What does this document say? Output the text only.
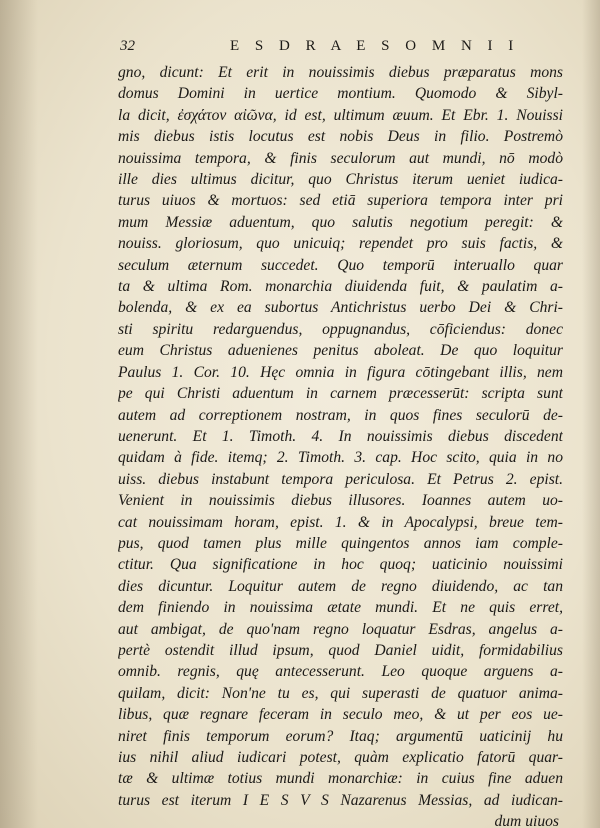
32	E S D R A E S O M N I I
gno, dicunt: Et erit in nouissimis diebus præparatus mons
domus Domini in uertice montium. Quomodo & Sibyl-
la dicit, ἐσχάτον αἰῶνα, id est, ultimum æuum. Et Ebr. 1. Nouissi
mis diebus istis locutus est nobis Deus in filio. Postremò
nouissima tempora, & finis seculorum aut mundi, nō modò
ille dies ultimus dicitur, quo Christus iterum ueniet iudica-
turus uiuos & mortuos: sed etiā superiora tempora inter pri
mum Messiæ aduentum, quo salutis negotium peregit: &
nouiss. gloriosum, quo unicuiq; rependet pro suis factis, &
seculum æternum succedet. Quo temporū interuallo quar
ta & ultima Rom. monarchia diuidenda fuit, & paulatim a-
bolenda, & ex ea subortus Antichristus uerbo Dei & Chri-
sti spiritu redarguendus, oppugnandus, cōficiendus: donec
eum Christus aduenienes penitus aboleat. De quo loquitur
Paulus 1. Cor. 10. Hęc omnia in figura cōtingebant illis, nem
pe qui Christi aduentum in carnem præcesserūt: scripta sunt
autem ad correptionem nostram, in quos fines seculorū de-
uenerunt. Et 1. Timoth. 4. In nouissimis diebus discedent
quidam à fide. itemq; 2. Timoth. 3. cap. Hoc scito, quia in no
uiss. diebus instabunt tempora periculosa. Et Petrus 2. epist.
Venient in nouissimis diebus illusores. Ioannes autem uo-
cat nouissimam horam, epist. 1. & in Apocalypsi, breue tem-
pus, quod tamen plus mille quingentos annos iam comple-
ctitur. Qua significatione in hoc quoq; uaticinio nouissimi
dies dicuntur. Loquitur autem de regno diuidendo, ac tan
dem finiendo in nouissima ætate mundi. Et ne quis erret,
aut ambigat, de quo'nam regno loquatur Esdras, angelus a-
pertè ostendit illud ipsum, quod Daniel uidit, formidabilius
omnib. regnis, quę antecesserunt. Leo quoque arguens a-
quilam, dicit: Non'ne tu es, qui superasti de quatuor anima-
libus, quæ regnare feceram in seculo meo, & ut per eos ue-
niret finis temporum eorum? Itaq; argumentū uaticinij hu
ius nihil aliud iudicari potest, quàm explicatio fatorū quar-
tæ & ultimæ totius mundi monarchiæ: in cuius fine aduen
turus est iterum I E S V S Nazarenus Messias, ad iudican-
dum uiuos
